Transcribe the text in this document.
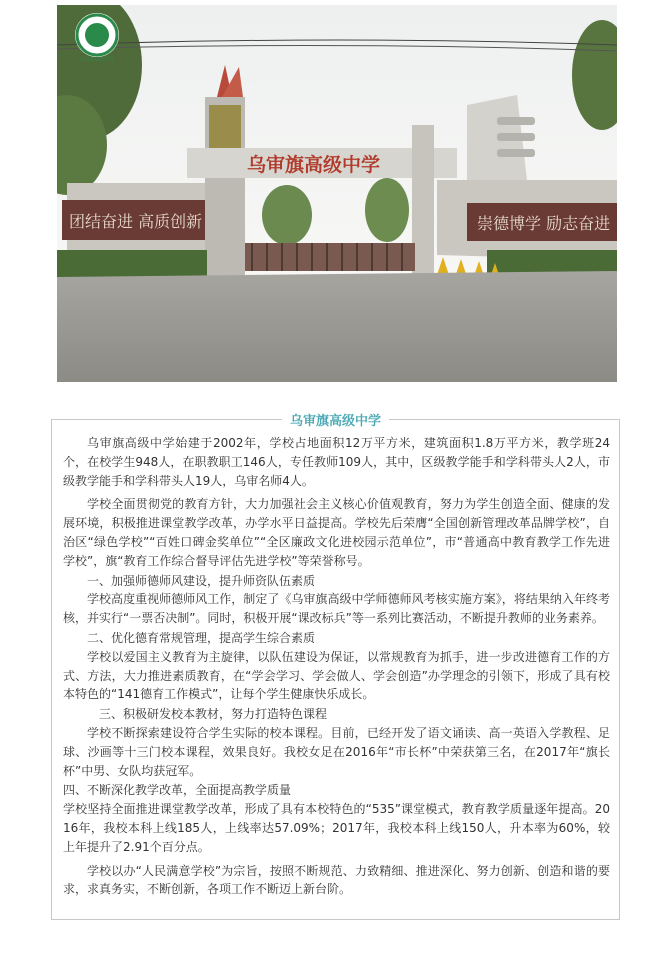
团结奋进 高质创新	崇德博学 励志奋进
乌审旗高级中学
乌审旗高级中学
乌审旗高级中学

乌审旗高级中学始建于2002年，学校占地面积12万平方米，建筑面积1.8万平方米，教学班24个，在校学生948人，在职教职工146人，专任教师109人，其中，区级教学能手和学科带头人2人，市级教学能手和学科带头人19人，乌审名师4人。

学校全面贯彻党的教育方针，大力加强社会主义核心价值观教育，努力为学生创造全面、健康的发展环境，积极推进课堂教学改革，办学水平日益提高。学校先后荣膺“全国创新管理改革品牌学校”，自治区“绿色学校”“百姓口碑金奖单位”“全区廉政文化进校园示范单位”，市“普通高中教育教学工作先进学校”，旗“教育工作综合督导评估先进学校”等荣誉称号。

一、加强师德师风建设，提升师资队伍素质

学校高度重视师德师风工作，制定了《乌审旗高级中学师德师风考核实施方案》，将结果纳入年终考核，并实行“一票否决制”。同时，积极开展“课改标兵”等一系列比赛活动，不断提升教师的业务素养。

二、优化德育常规管理，提高学生综合素质

学校以爱国主义教育为主旋律，以队伍建设为保证，以常规教育为抓手，进一步改进德育工作的方式、方法，大力推进素质教育，在“学会学习、学会做人、学会创造”办学理念的引领下，形成了具有校本特色的“141德育工作模式”，让每个学生健康快乐成长。

三、积极研发校本教材，努力打造特色课程

学校不断探索建设符合学生实际的校本课程。目前，已经开发了语文诵读、高一英语入学教程、足球、沙画等十三门校本课程，效果良好。我校女足在2016年“市长杯”中荣获第三名，在2017年“旗长杯”中男、女队均获冠军。

四、不断深化教学改革，全面提高教学质量

学校坚持全面推进课堂教学改革，形成了具有本校特色的“535”课堂模式，教育教学质量逐年提高。2016年，我校本科上线185人，上线率达57.09%；2017年，我校本科上线150人，升本率为60%，较上年提升了2.91个百分点。

学校以办“人民满意学校”为宗旨，按照不断规范、力致精细、推进深化、努力创新、创造和谐的要求，求真务实，不断创新，各项工作不断迈上新台阶。
